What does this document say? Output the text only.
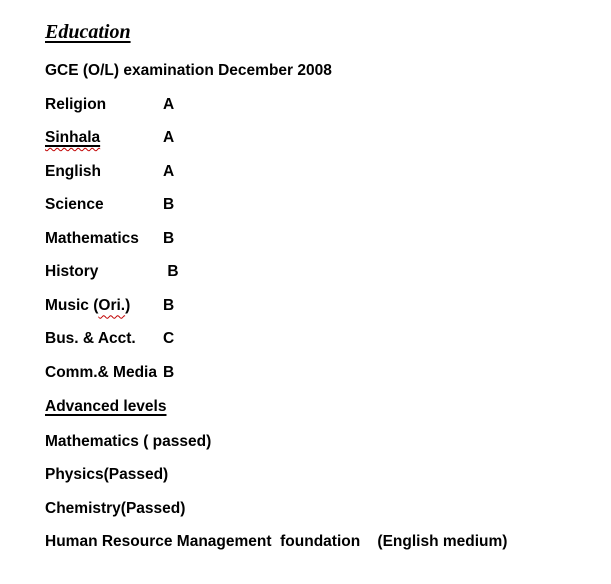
Education

GCE (O/L) examination December 2008

Religion	A
Sinhala	A
English	A
Science	B
Mathematics B
History	B
Music (Ori.) B
Bus. & Acct. C
Comm.& Media B
Advanced levels

Mathematics ( passed)

Physics(Passed)

Chemistry(Passed)

Human Resource Management  foundation    (English medium)
